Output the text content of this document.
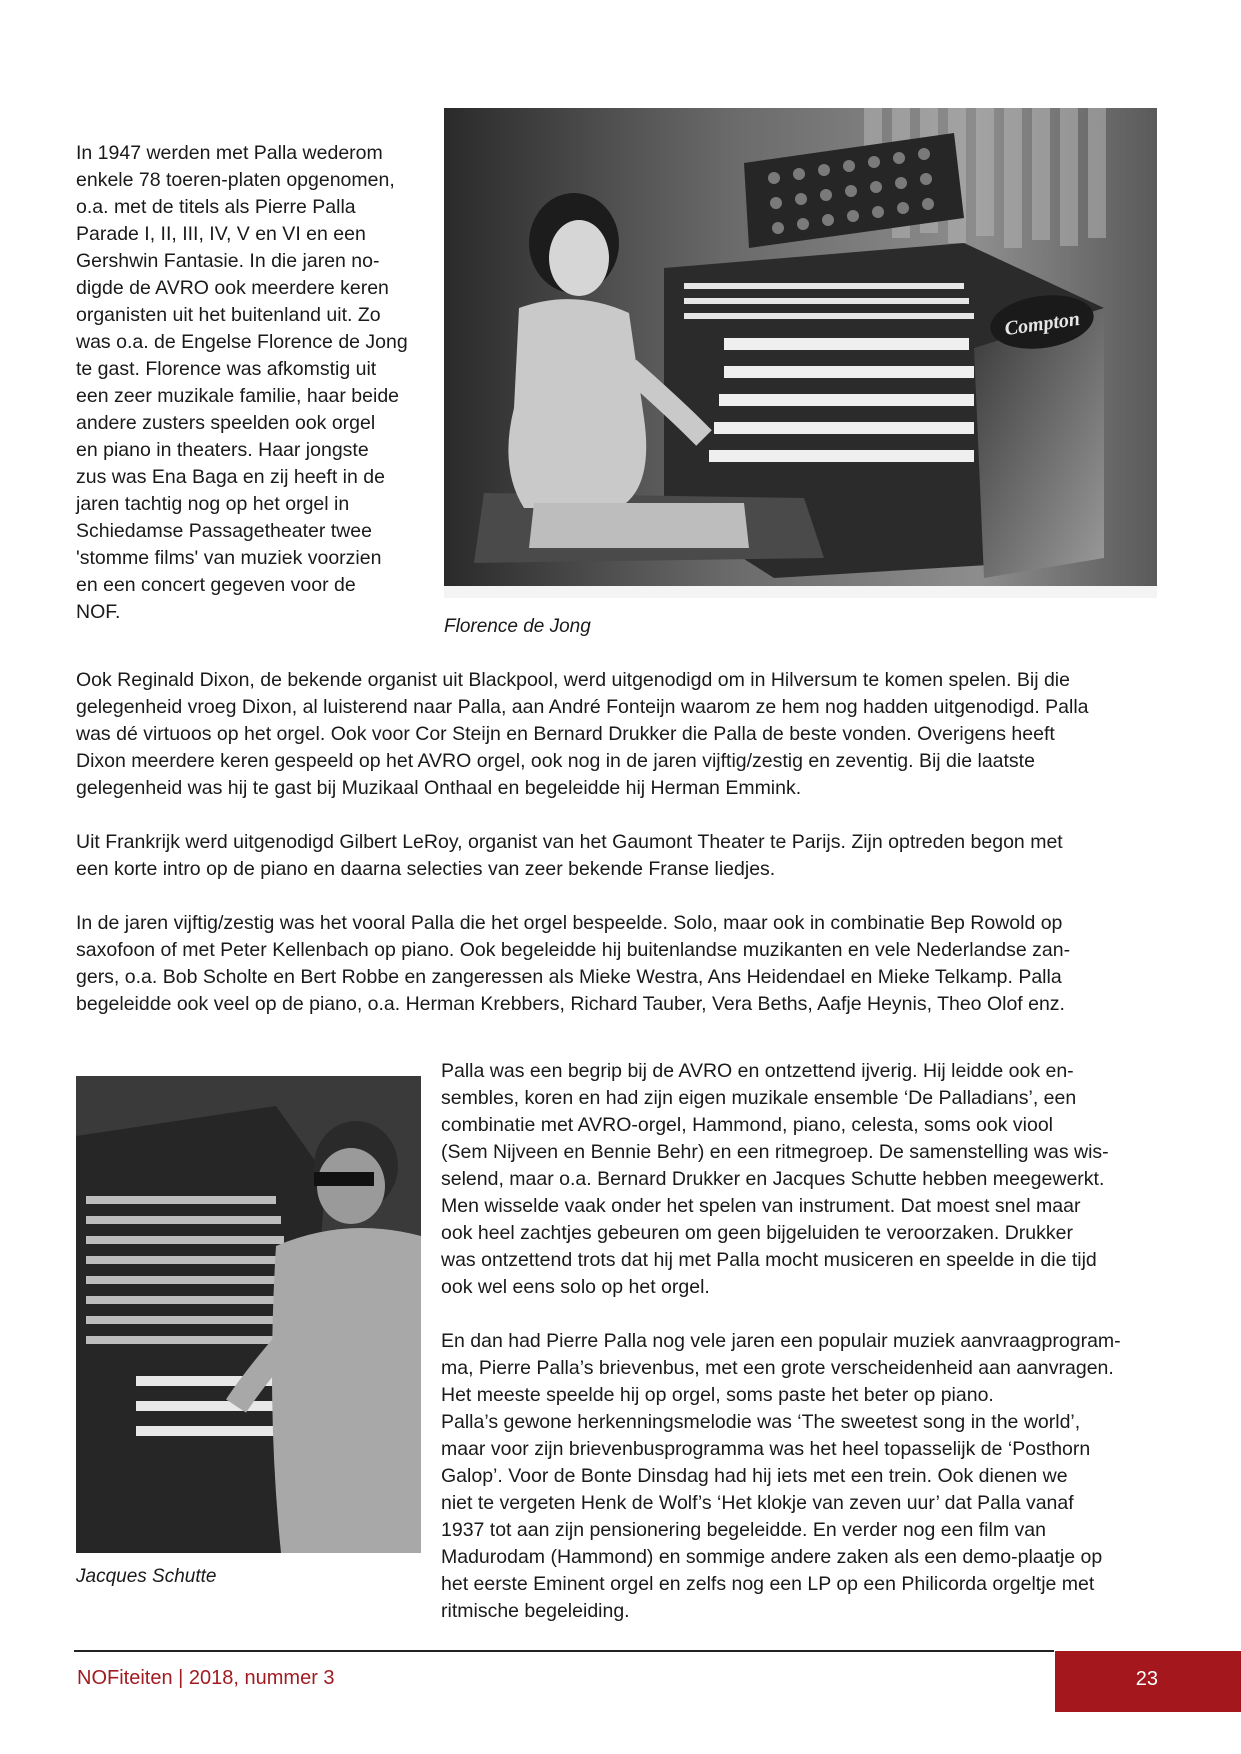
In 1947 werden met Palla wederom
enkele 78 toeren-platen opgenomen,
o.a. met de titels als Pierre Palla
Parade I, II, III, IV, V en VI en een
Gershwin Fantasie. In die jaren no-
digde de AVRO ook meerdere keren
organisten uit het buitenland uit. Zo
was o.a. de Engelse Florence de Jong
te gast. Florence was afkomstig uit
een zeer muzikale familie, haar beide
andere zusters speelden ook orgel
en piano in theaters. Haar jongste
zus was Ena Baga en zij heeft in de
jaren tachtig nog op het orgel in
Schiedamse Passagetheater twee
'stomme films' van muziek voorzien
en een concert gegeven voor de
NOF.
Compton
Florence de Jong
Ook Reginald Dixon, de bekende organist uit Blackpool, werd uitgenodigd om in Hilversum te komen spelen. Bij die
gelegenheid vroeg Dixon, al luisterend naar Palla, aan André Fonteijn waarom ze hem nog hadden uitgenodigd. Palla
was dé virtuoos op het orgel. Ook voor Cor Steijn en Bernard Drukker die Palla de beste vonden. Overigens heeft
Dixon meerdere keren gespeeld op het AVRO orgel, ook nog in de jaren vijftig/zestig en zeventig. Bij die laatste
gelegenheid was hij te gast bij Muzikaal Onthaal en begeleidde hij Herman Emmink.
Uit Frankrijk werd uitgenodigd Gilbert LeRoy, organist van het Gaumont Theater te Parijs. Zijn optreden begon met
een korte intro op de piano en daarna selecties van zeer bekende Franse liedjes.
In de jaren vijftig/zestig was het vooral Palla die het orgel bespeelde. Solo, maar ook in combinatie Bep Rowold op
saxofoon of met Peter Kellenbach op piano. Ook begeleidde hij buitenlandse muzikanten en vele Nederlandse zan-
gers, o.a. Bob Scholte en Bert Robbe en zangeressen als Mieke Westra, Ans Heidendael en Mieke Telkamp. Palla
begeleidde ook veel op de piano, o.a. Herman Krebbers, Richard Tauber, Vera Beths, Aafje Heynis, Theo Olof enz.
Jacques Schutte
Palla was een begrip bij de AVRO en ontzettend ijverig. Hij leidde ook en-
sembles, koren en had zijn eigen muzikale ensemble ‘De Palladians’, een
combinatie met AVRO-orgel, Hammond, piano, celesta, soms ook viool
(Sem Nijveen en Bennie Behr) en een ritmegroep. De samenstelling was wis-
selend, maar o.a. Bernard Drukker en Jacques Schutte hebben meegewerkt.
Men wisselde vaak onder het spelen van instrument. Dat moest snel maar
ook heel zachtjes gebeuren om geen bijgeluiden te veroorzaken. Drukker
was ontzettend trots dat hij met Palla mocht musiceren en speelde in die tijd
ook wel eens solo op het orgel.
En dan had Pierre Palla nog vele jaren een populair muziek aanvraagprogram-
ma, Pierre Palla’s brievenbus, met een grote verscheidenheid aan aanvragen.
Het meeste speelde hij op orgel, soms paste het beter op piano.
Palla’s gewone herkenningsmelodie was ‘The sweetest song in the world’,
maar voor zijn brievenbusprogramma was het heel topasselijk de ‘Posthorn
Galop’. Voor de Bonte Dinsdag had hij iets met een trein. Ook dienen we
niet te vergeten Henk de Wolf’s ‘Het klokje van zeven uur’ dat Palla vanaf
1937 tot aan zijn pensionering begeleidde. En verder nog een film van
Madurodam (Hammond) en sommige andere zaken als een demo-plaatje op
het eerste Eminent orgel en zelfs nog een LP op een Philicorda orgeltje met
ritmische begeleiding.
NOFiteiten | 2018, nummer 3	23
